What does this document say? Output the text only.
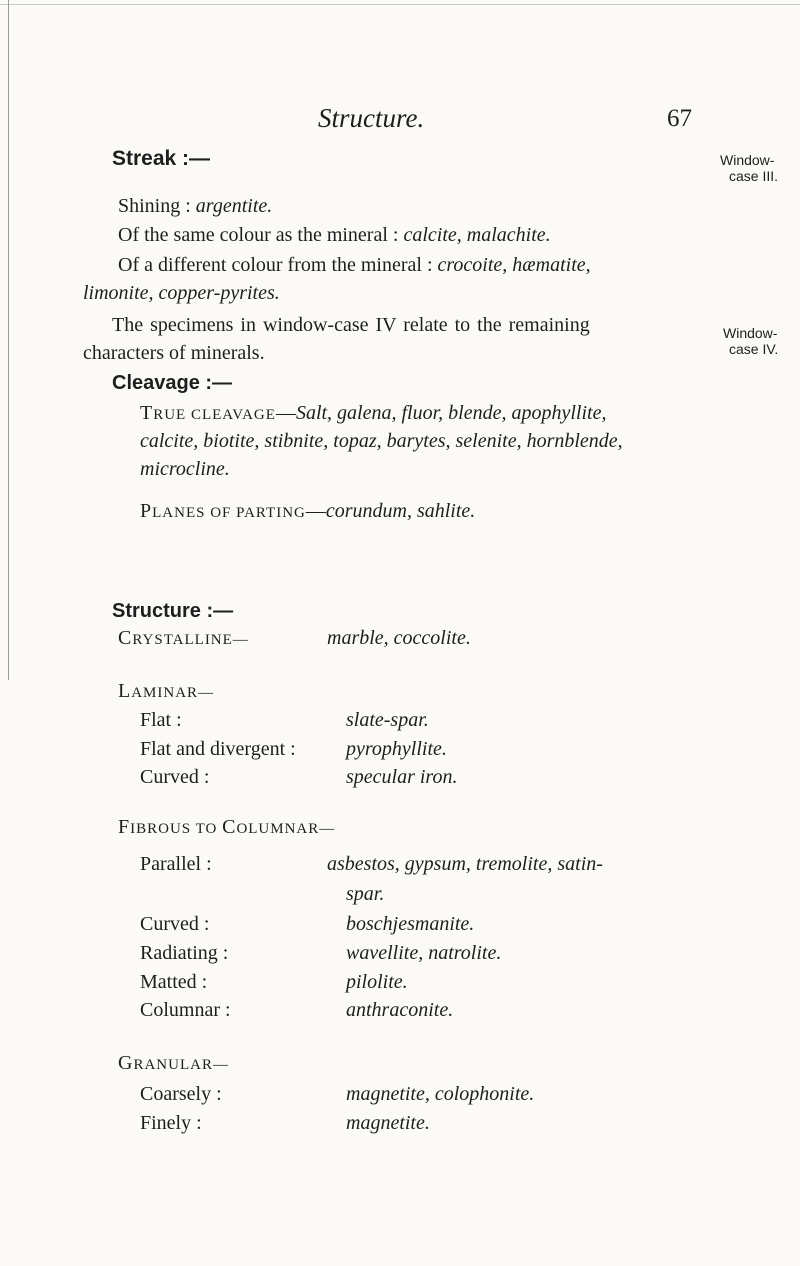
Structure.	67
Window-
case III.
Window-
case IV.
Streak :—
Shining : argentite.
Of the same colour as the mineral : calcite, malachite.
Of a different colour from the mineral : crocoite, hæmatite,
limonite, copper-pyrites.
The specimens in window-case IV relate to the remaining
characters of minerals.
Cleavage :—
TRUE CLEAVAGE—Salt, galena, fluor, blende, apophyllite,
calcite, biotite, stibnite, topaz, barytes, selenite, hornblende,
microcline.
PLANES OF PARTING—corundum, sahlite.
Structure :—
CRYSTALLINE—	marble, coccolite.
LAMINAR—
Flat :	slate-spar.
Flat and divergent :	pyrophyllite.
Curved :	specular iron.
FIBROUS TO COLUMNAR—
Parallel :	asbestos, gypsum, tremolite, satin-
spar.
Curved :	boschjesmanite.
Radiating :	wavellite, natrolite.
Matted :	pilolite.
Columnar :	anthraconite.
GRANULAR—
Coarsely :	magnetite, colophonite.
Finely :	magnetite.
